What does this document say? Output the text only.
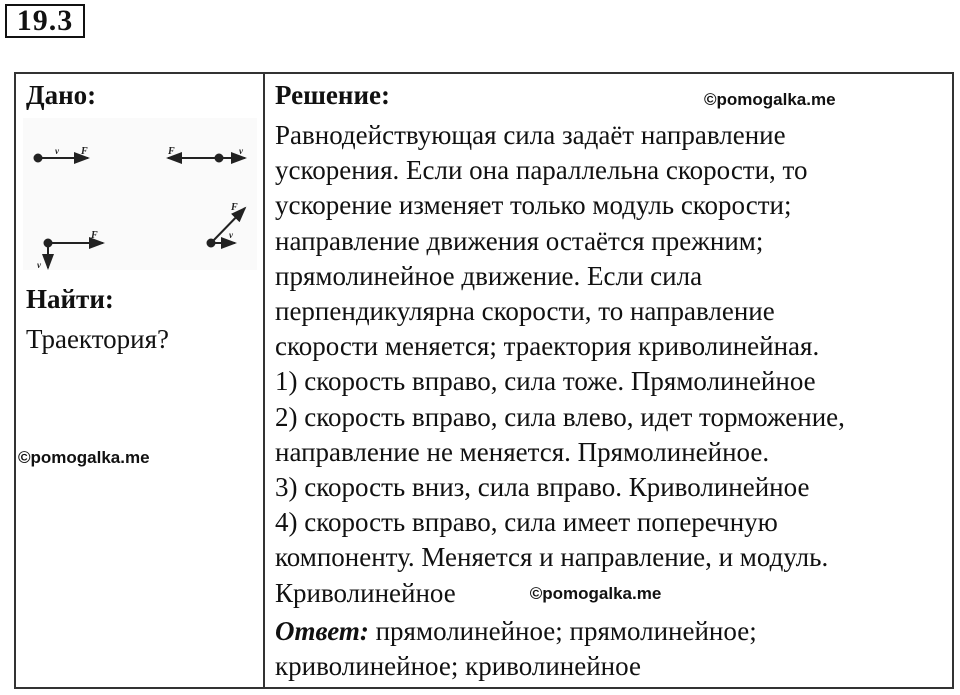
19.3
Дано:
v⃗ F⃗	F⃗	v⃗
F⃗
v⃗
F⃗
v⃗
Найти:
Траектория?
©pomogalka.me
Решение:	©pomogalka.me
Равнодействующая сила задаёт направление
ускорения. Если она параллельна скорости, то
ускорение изменяет только модуль скорости;
направление движения остаётся прежним;
прямолинейное движение. Если сила
перпендикулярна скорости, то направление
скорости меняется; траектория криволинейная.
1) скорость вправо, сила тоже. Прямолинейное
2) скорость вправо, сила влево, идет торможение,
направление не меняется. Прямолинейное.
3) скорость вниз, сила вправо. Криволинейное
4) скорость вправо, сила имеет поперечную
компоненту. Меняется и направление, и модуль.
Криволинейное	©pomogalka.me
Ответ: прямолинейное; прямолинейное;
криволинейное; криволинейное
